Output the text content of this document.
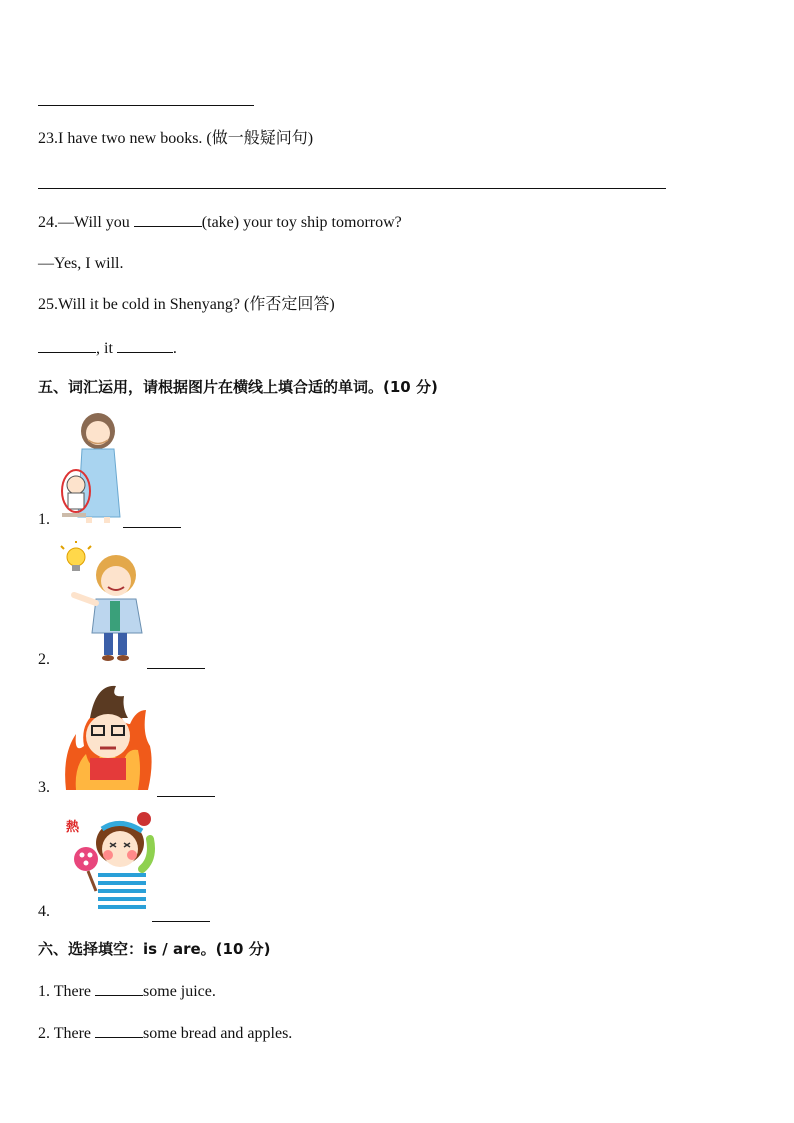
23.I have two new books. (做一般疑问句)
24.—Will you	(take) your toy ship tomorrow?
—Yes, I will.
25.Will it be cold in Shenyang? (作否定回答)
, it	.
五、词汇运用，请根据图片在横线上填合适的单词。(10 分)
1.
2.
3.
熱
4.
六、选择填空：is / are。(10 分)
1. There	some juice.
2. There	some bread and apples.
